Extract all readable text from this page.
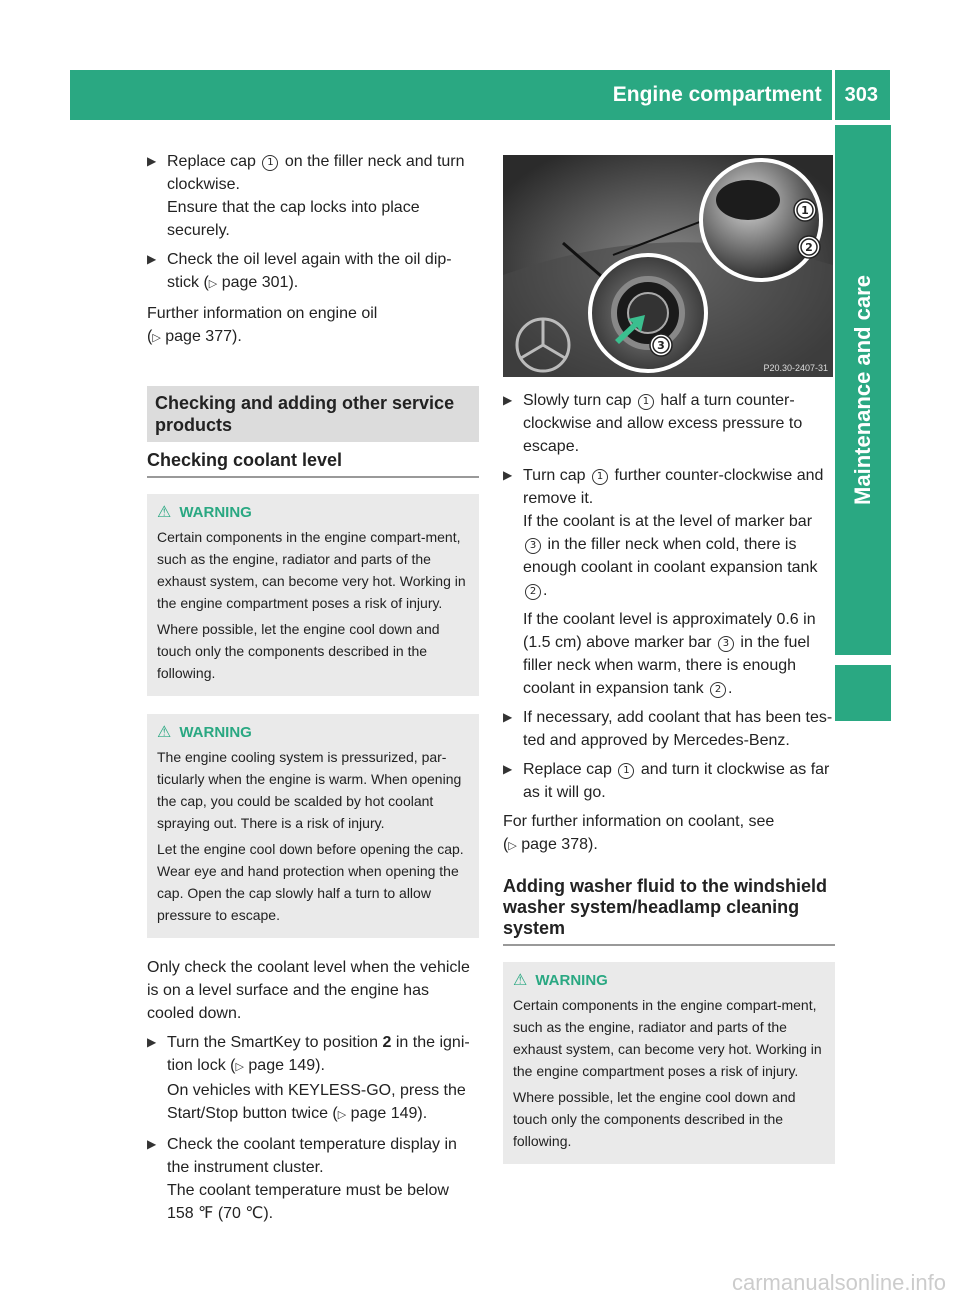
Engine compartment	303
Maintenance and care
▶ Replace cap 1 on the filler neck and turn clockwise.

Ensure that the cap locks into place securely.

▶ Check the oil level again with the oil dip-stick (▷ page 301).

Further information on engine oil
(▷ page 377).

Checking and adding other service products
Checking coolant level
⚠ WARNING

Certain components in the engine compart-ment, such as the engine, radiator and parts of the exhaust system, can become very hot. Working in the engine compartment poses a risk of injury.

Where possible, let the engine cool down and touch only the components described in the following.

⚠ WARNING

The engine cooling system is pressurized, par-ticularly when the engine is warm. When opening the cap, you could be scalded by hot coolant spraying out. There is a risk of injury.

Let the engine cool down before opening the cap. Wear eye and hand protection when opening the cap. Open the cap slowly half a turn to allow pressure to escape.

Only check the coolant level when the vehicle is on a level surface and the engine has cooled down.

▶ Turn the SmartKey to position 2 in the igni-tion lock (▷ page 149).

On vehicles with KEYLESS-GO, press the Start/Stop button twice (▷ page 149).

▶ Check the coolant temperature display in the instrument cluster.

The coolant temperature must be below 158 ℉ (70 ℃).

1
2
3
P20.30-2407-31
▶ Slowly turn cap 1 half a turn counter-clockwise and allow excess pressure to escape.

▶ Turn cap 1 further counter-clockwise and remove it.

If the coolant is at the level of marker bar 3 in the filler neck when cold, there is enough coolant in coolant expansion tank 2 .

If the coolant level is approximately 0.6 in (1.5 cm) above marker bar 3 in the fuel filler neck when warm, there is enough coolant in expansion tank 2 .

▶ If necessary, add coolant that has been tes-ted and approved by Mercedes-Benz.

▶ Replace cap 1 and turn it clockwise as far as it will go.

For further information on coolant, see
(▷ page 378).

Adding washer fluid to the windshield washer system/headlamp cleaning system
⚠ WARNING

Certain components in the engine compart-ment, such as the engine, radiator and parts of the exhaust system, can become very hot. Working in the engine compartment poses a risk of injury.

Where possible, let the engine cool down and touch only the components described in the following.

carmanualsonline.info
